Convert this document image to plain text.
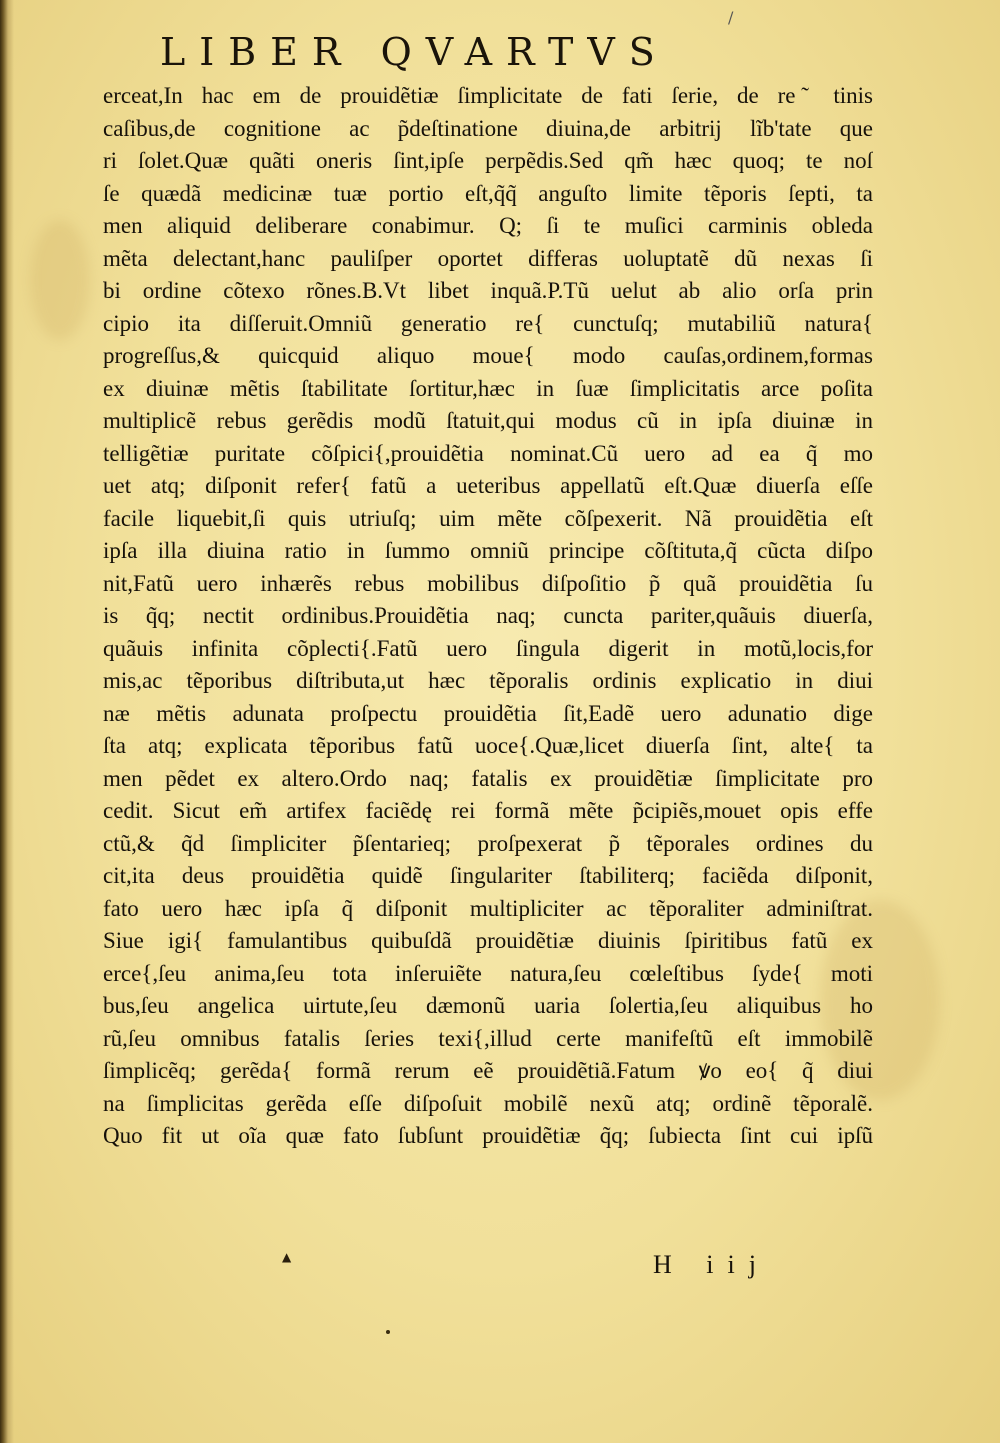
/
LIBER QVARTVS
erceat,In hac em de prouidẽtiæ ſimplicitate de fati ſerie, de re ̃ tinis
caſibus,de cognitione ac p̃deſtinatione diuina,de arbitrĳ lĩb'tate que
ri ſolet.Quæ quãti oneris ſint,ipſe perpẽdis.Sed qm̃ hæc quoq; te noſ
ſe quædã medicinæ tuæ portio eſt,q̃q̃ anguſto limite tẽporis ſepti, ta
men aliquid deliberare conabimur. Q; ſi te muſici carminis obleda
mẽta delectant,hanc pauliſper oportet differas uoluptatẽ dũ nexas ſi
bi ordine cõtexo rõnes.B.Vt libet inquã.P.Tũ uelut ab alio orſa prin
cipio ita diſſeruit.Omniũ generatio re{ cunctuſq; mutabiliũ natura{
progreſſus,& quicquid aliquo moue{ modo cauſas,ordinem,formas
ex diuinæ mẽtis ſtabilitate ſortitur,hæc in ſuæ ſimplicitatis arce poſita
multiplicẽ rebus gerẽdis modũ ſtatuit,qui modus cũ in ipſa diuinæ in
telligẽtiæ puritate cõſpici{,prouidẽtia nominat.Cũ uero ad ea q̃ mo
uet atq; diſponit refer{ fatũ a ueteribus appellatũ eſt.Quæ diuerſa eſſe
facile liquebit,ſi quis utriuſq; uim mẽte cõſpexerit. Nã prouidẽtia eſt
ipſa illa diuina ratio in ſummo omniũ principe cõſtituta,q̃ cũcta diſpo
nit,Fatũ uero inhærẽs rebus mobilibus diſpoſitio p̃ quã prouidẽtia ſu
is q̃q; nectit ordinibus.Prouidẽtia naq; cuncta pariter,quãuis diuerſa,
quãuis infinita cõplecti{.Fatũ uero ſingula digerit in motũ,locis,for
mis,ac tẽporibus diſtributa,ut hæc tẽporalis ordinis explicatio in diui
næ mẽtis adunata proſpectu prouidẽtia ſit,Eadẽ uero adunatio dige
ſta atq; explicata tẽporibus fatũ uoce{.Quæ,licet diuerſa ſint, alte{ ta
men pẽdet ex altero.Ordo naq; fatalis ex prouidẽtiæ ſimplicitate pro
cedit. Sicut em̃ artifex faciẽdę rei formã mẽte p̃cipiẽs,mouet opis effe
ctũ,& q̃d ſimpliciter p̃ſentarieq; proſpexerat p̃ tẽporales ordines du
cit,ita deus prouidẽtia quidẽ ſingulariter ſtabiliterq; faciẽda diſponit,
fato uero hæc ipſa q̃ diſponit multipliciter ac tẽporaliter adminiſtrat.
Siue igi{ famulantibus quibuſdã prouidẽtiæ diuinis ſpiritibus fatũ ex
erce{,ſeu anima,ſeu tota inſeruiẽte natura,ſeu cœleſtibus ſyde{ moti
bus,ſeu angelica uirtute,ſeu dæmonũ uaria ſolertia,ſeu aliquibus ho
rũ,ſeu omnibus fatalis ſeries texi{,illud certe manifeſtũ eſt immobilẽ
ſimplicẽq; gerẽda{ formã rerum eẽ prouidẽtiã.Fatum ꝟo eo{ q̃ diui
na ſimplicitas gerẽda eſſe diſpoſuit mobilẽ nexũ atq; ordinẽ tẽporalẽ.
Quo fit ut oĩa quæ fato ſubſunt prouidẽtiæ q̃q; ſubiecta ſint cui ipſũ
▲	H iij
